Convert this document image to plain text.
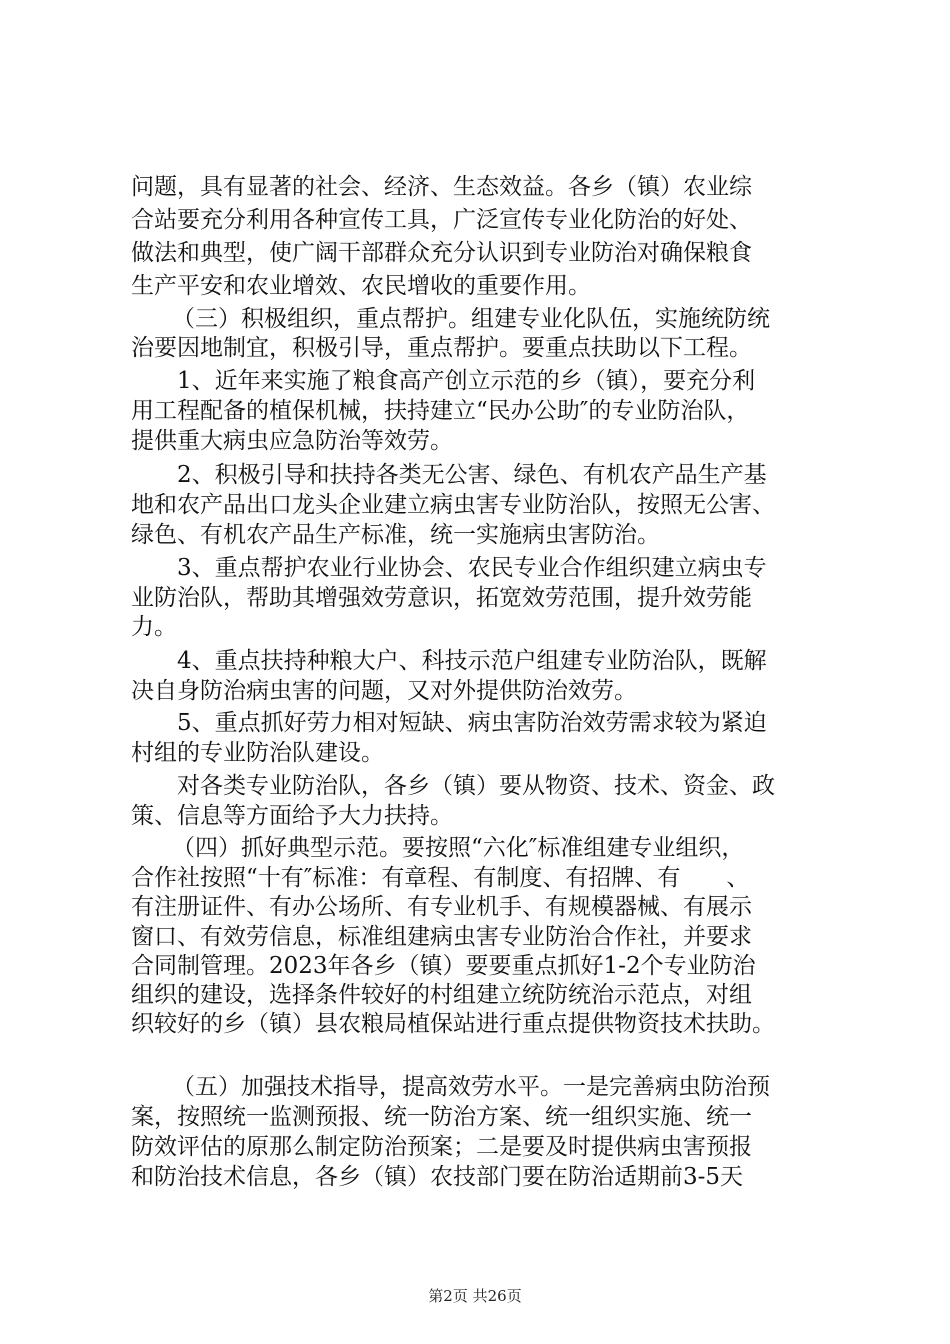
问题，具有显著的社会、经济、生态效益。各乡（镇）农业综
合站要充分利用各种宣传工具，广泛宣传专业化防治的好处、
做法和典型，使广阔干部群众充分认识到专业防治对确保粮食
生产平安和农业增效、农民增收的重要作用。
（三）积极组织，重点帮护。组建专业化队伍，实施统防统
治要因地制宜，积极引导，重点帮护。要重点扶助以下工程。
1、近年来实施了粮食高产创立示范的乡（镇），要充分利
用工程配备的植保机械，扶持建立“民办公助″的专业防治队，
提供重大病虫应急防治等效劳。
2、积极引导和扶持各类无公害、绿色、有机农产品生产基
地和农产品出口龙头企业建立病虫害专业防治队，按照无公害、
绿色、有机农产品生产标准，统一实施病虫害防治。
3、重点帮护农业行业协会、农民专业合作组织建立病虫专
业防治队，帮助其增强效劳意识，拓宽效劳范围，提升效劳能
力。
4、重点扶持种粮大户、科技示范户组建专业防治队，既解
决自身防治病虫害的问题，又对外提供防治效劳。
5、重点抓好劳力相对短缺、病虫害防治效劳需求较为紧迫
村组的专业防治队建设。
对各类专业防治队，各乡（镇）要从物资、技术、资金、政
策、信息等方面给予大力扶持。
（四）抓好典型示范。要按照“六化″标准组建专业组织，
合作社按照“十有″标准：有章程、有制度、有招牌、有　　、
有注册证件、有办公场所、有专业机手、有规模器械、有展示
窗口、有效劳信息，标准组建病虫害专业防治合作社，并要求
合同制管理。2023年各乡（镇）要要重点抓好1-2个专业防治
组织的建设，选择条件较好的村组建立统防统治示范点，对组
织较好的乡（镇）县农粮局植保站进行重点提供物资技术扶助。
（五）加强技术指导，提高效劳水平。一是完善病虫防治预
案，按照统一监测预报、统一防治方案、统一组织实施、统一
防效评估的原那么制定防治预案；二是要及时提供病虫害预报
和防治技术信息，各乡（镇）农技部门要在防治适期前3-5天
第2页 共26页
